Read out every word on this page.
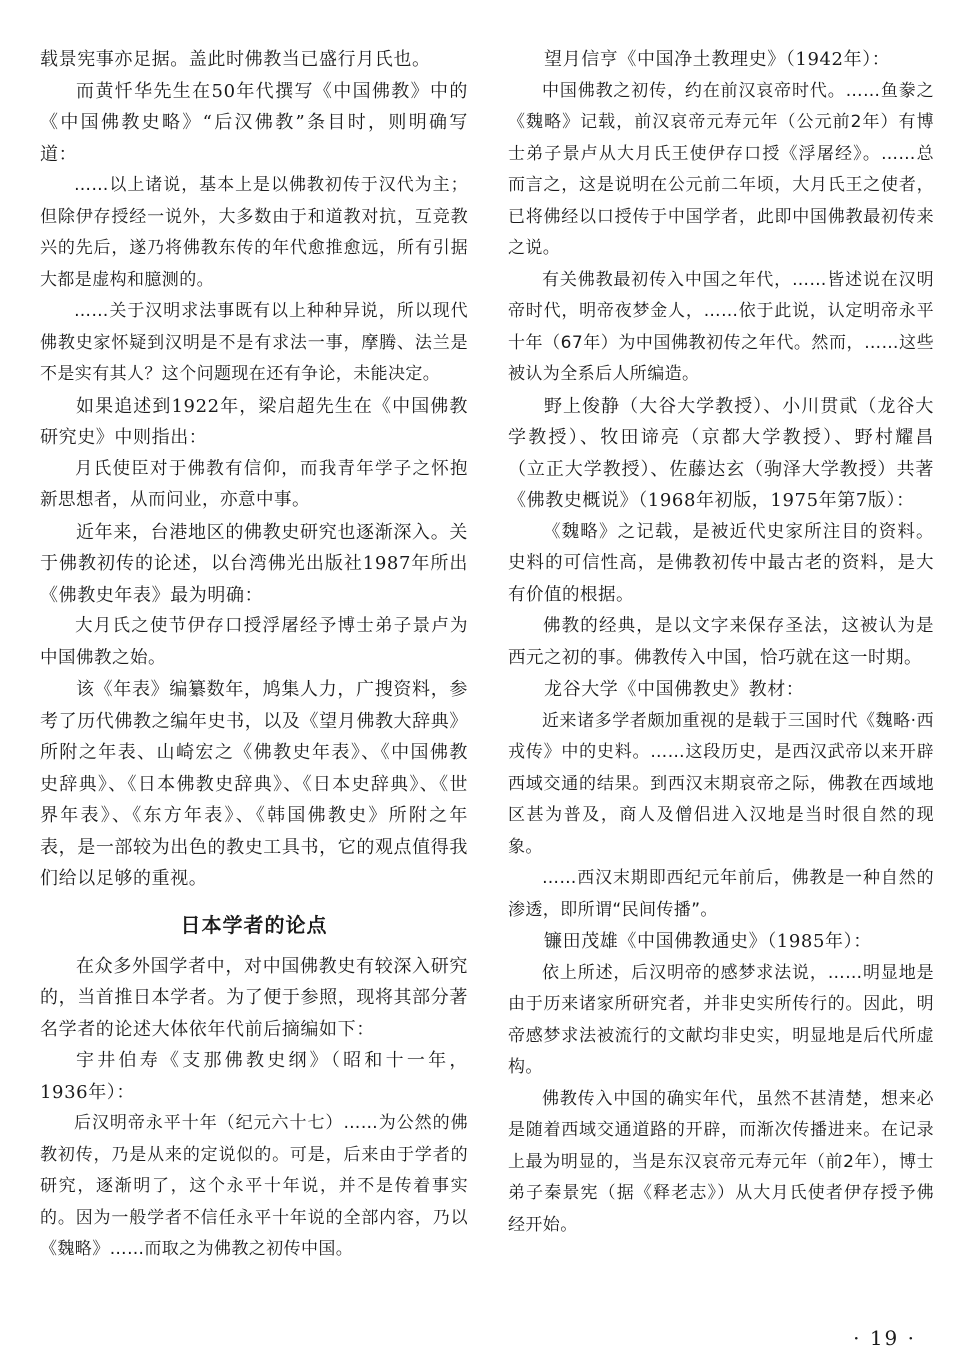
载景宪事亦足据。盖此时佛教当已盛行月氏也。

而黄忏华先生在50年代撰写《中国佛教》中的《中国佛教史略》“后汉佛教”条目时，则明确写道：

……以上诸说，基本上是以佛教初传于汉代为主；但除伊存授经一说外，大多数由于和道教对抗，互竞教兴的先后，遂乃将佛教东传的年代愈推愈远，所有引据大都是虚构和臆测的。

……关于汉明求法事既有以上种种异说，所以现代佛教史家怀疑到汉明是不是有求法一事，摩腾、法兰是不是实有其人？这个问题现在还有争论，未能决定。

如果追述到1922年，梁启超先生在《中国佛教研究史》中则指出：

月氏使臣对于佛教有信仰，而我青年学子之怀抱新思想者，从而问业，亦意中事。

近年来，台港地区的佛教史研究也逐渐深入。关于佛教初传的论述，以台湾佛光出版社1987年所出《佛教史年表》最为明确：

大月氏之使节伊存口授浮屠经予博士弟子景卢为中国佛教之始。

该《年表》编纂数年，鸠集人力，广搜资料，参考了历代佛教之编年史书，以及《望月佛教大辞典》所附之年表、山崎宏之《佛教史年表》、《中国佛教史辞典》、《日本佛教史辞典》、《日本史辞典》、《世界年表》、《东方年表》、《韩国佛教史》所附之年表，是一部较为出色的教史工具书，它的观点值得我们给以足够的重视。

日本学者的论点

在众多外国学者中，对中国佛教史有较深入研究的，当首推日本学者。为了便于参照，现将其部分著名学者的论述大体依年代前后摘编如下：

宇井伯寿《支那佛教史纲》（昭和十一年，1936年）：

后汉明帝永平十年（纪元六十七）……为公然的佛教初传，乃是从来的定说似的。可是，后来由于学者的研究，逐渐明了，这个永平十年说，并不是传着事实的。因为一般学者不信任永平十年说的全部内容，乃以《魏略》……而取之为佛教之初传中国。

望月信亨《中国净土教理史》（1942年）：

中国佛教之初传，约在前汉哀帝时代。……鱼豢之《魏略》记载，前汉哀帝元寿元年（公元前2年）有博士弟子景卢从大月氏王使伊存口授《浮屠经》。……总而言之，这是说明在公元前二年顷，大月氏王之使者，已将佛经以口授传于中国学者，此即中国佛教最初传来之说。

有关佛教最初传入中国之年代，……皆述说在汉明帝时代，明帝夜梦金人，……依于此说，认定明帝永平十年（67年）为中国佛教初传之年代。然而，……这些被认为全系后人所编造。

野上俊静（大谷大学教授）、小川贯貮（龙谷大学教授）、牧田谛亮（京都大学教授）、野村耀昌（立正大学教授）、佐藤达玄（驹泽大学教授）共著《佛教史概说》（1968年初版，1975年第7版）：

《魏略》之记载，是被近代史家所注目的资料。史料的可信性高，是佛教初传中最古老的资料，是大有价值的根据。

佛教的经典，是以文字来保存圣法，这被认为是西元之初的事。佛教传入中国，恰巧就在这一时期。

龙谷大学《中国佛教史》教材：

近来诸多学者颇加重视的是载于三国时代《魏略·西戎传》中的史料。……这段历史，是西汉武帝以来开辟西域交通的结果。到西汉末期哀帝之际，佛教在西域地区甚为普及，商人及僧侣进入汉地是当时很自然的现象。

……西汉末期即西纪元年前后，佛教是一种自然的渗透，即所谓“民间传播”。

镰田茂雄《中国佛教通史》（1985年）：

依上所述，后汉明帝的感梦求法说，……明显地是由于历来诸家所研究者，并非史实所传行的。因此，明帝感梦求法被流行的文献均非史实，明显地是后代所虚构。

佛教传入中国的确实年代，虽然不甚清楚，想来必是随着西域交通道路的开辟，而渐次传播进来。在记录上最为明显的，当是东汉哀帝元寿元年（前2年），博士弟子秦景宪（据《释老志》）从大月氏使者伊存授予佛经开始。

· 19 ·
